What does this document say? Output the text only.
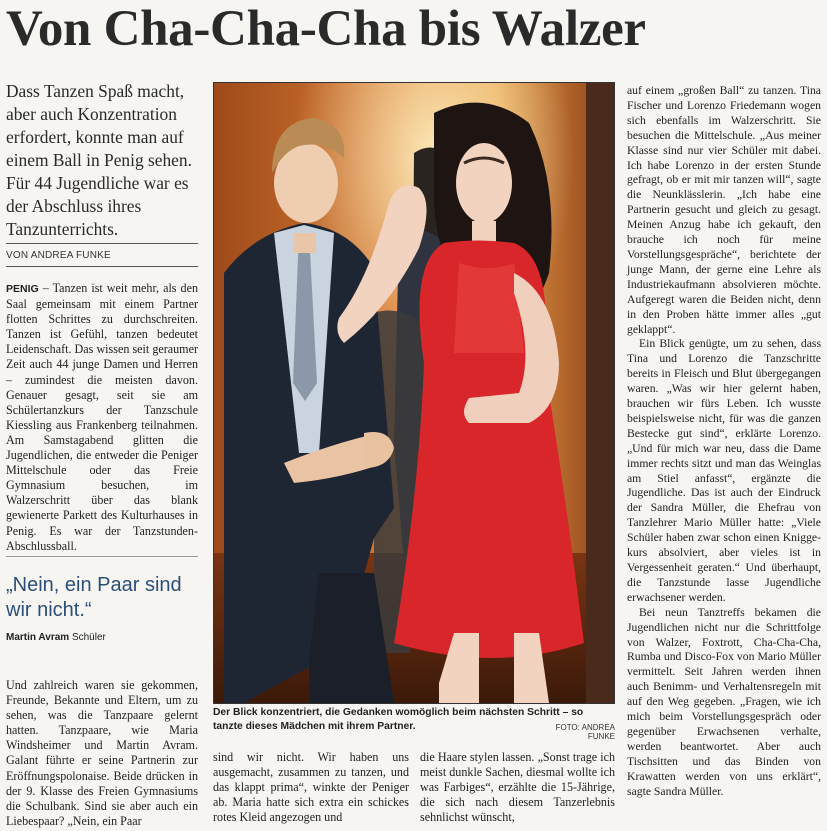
Von Cha-Cha-Cha bis Walzer
Dass Tanzen Spaß macht, aber auch Konzentration erfordert, konnte man auf einem Ball in Penig sehen. Für 44 Jugendliche war es der Abschluss ihres Tanzunterrichts.
VON ANDREA FUNKE

PENIG – Tanzen ist weit mehr, als den Saal gemeinsam mit einem Partner flotten Schrittes zu durchschreiten. Tanzen ist Gefühl, tanzen bedeutet Leidenschaft. Das wissen seit geraumer Zeit auch 44 junge Damen und Herren – zumindest die meisten davon. Genauer gesagt, seit sie am Schülertanzkurs der Tanzschule Kiessling aus Frankenberg teilnahmen. Am Samstagabend glitten die Jugendlichen, die entweder die Peniger Mittelschule oder das Freie Gymnasium besuchen, im Walzerschritt über das blank gewienerte Parkett des Kulturhauses in Penig. Es war der Tanzstunden-Abschlussball.

„Nein, ein Paar sind wir nicht.“
Martin Avram Schüler

Und zahlreich waren sie gekommen, Freunde, Bekannte und Eltern, um zu sehen, was die Tanzpaare gelernt hatten. Tanzpaare, wie Maria Windsheimer und Martin Avram. Galant führte er seine Partnerin zur Eröffnungspolonaise. Beide drücken in der 9. Klasse des Freien Gymnasiums die Schulbank. Sind sie aber auch ein Liebespaar? „Nein, ein Paar

Der Blick konzentriert, die Gedanken womöglich beim nächsten Schritt – so tanzte dieses Mädchen mit ihrem Partner.	FOTO: ANDREA FUNKE

sind wir nicht. Wir haben uns ausgemacht, zusammen zu tanzen, und das klappt prima“, winkte der Peniger ab. Maria hatte sich extra ein schickes rotes Kleid angezogen und

die Haare stylen lassen. „Sonst trage ich meist dunkle Sachen, diesmal wollte ich was Farbiges“, erzählte die 15-Jährige, die sich nach diesem Tanzerlebnis sehnlichst wünscht,

auf einem „großen Ball“ zu tanzen. Tina Fischer und Lorenzo Friedemann wogen sich ebenfalls im Walzerschritt. Sie besuchen die Mittelschule. „Aus meiner Klasse sind nur vier Schüler mit dabei. Ich habe Lorenzo in der ersten Stunde gefragt, ob er mit mir tanzen will“, sagte die Neunklässlerin. „Ich habe eine Partnerin gesucht und gleich zu gesagt. Meinen Anzug habe ich gekauft, den brauche ich noch für meine Vorstellungsgespräche“, berichtete der junge Mann, der gerne eine Lehre als Industriekaufmann absolvieren möchte. Aufgeregt waren die Beiden nicht, denn in den Proben hätte immer alles „gut geklappt“.

Ein Blick genügte, um zu sehen, dass Tina und Lorenzo die Tanzschritte bereits in Fleisch und Blut übergegangen waren. „Was wir hier gelernt haben, brauchen wir fürs Leben. Ich wusste beispielsweise nicht, für was die ganzen Bestecke gut sind“, erklärte Lorenzo. „Und für mich war neu, dass die Dame immer rechts sitzt und man das Weinglas am Stiel anfasst“, ergänzte die Jugendliche. Das ist auch der Eindruck der Sandra Müller, die Ehefrau von Tanzlehrer Mario Müller hatte: „Viele Schüler haben zwar schon einen Knigge-kurs absolviert, aber vieles ist in Vergessenheit geraten.“ Und überhaupt, die Tanzstunde lasse Jugendliche erwachsener werden.

Bei neun Tanztreffs bekamen die Jugendlichen nicht nur die Schrittfolge von Walzer, Foxtrott, Cha-Cha-Cha, Rumba und Disco-Fox von Mario Müller vermittelt. Seit Jahren werden ihnen auch Benimm- und Verhaltensregeln mit auf den Weg gegeben. „Fragen, wie ich mich beim Vorstellungsgespräch oder gegenüber Erwachsenen verhalte, werden beantwortet. Aber auch Tischsitten und das Binden von Krawatten werden von uns erklärt“, sagte Sandra Müller.
